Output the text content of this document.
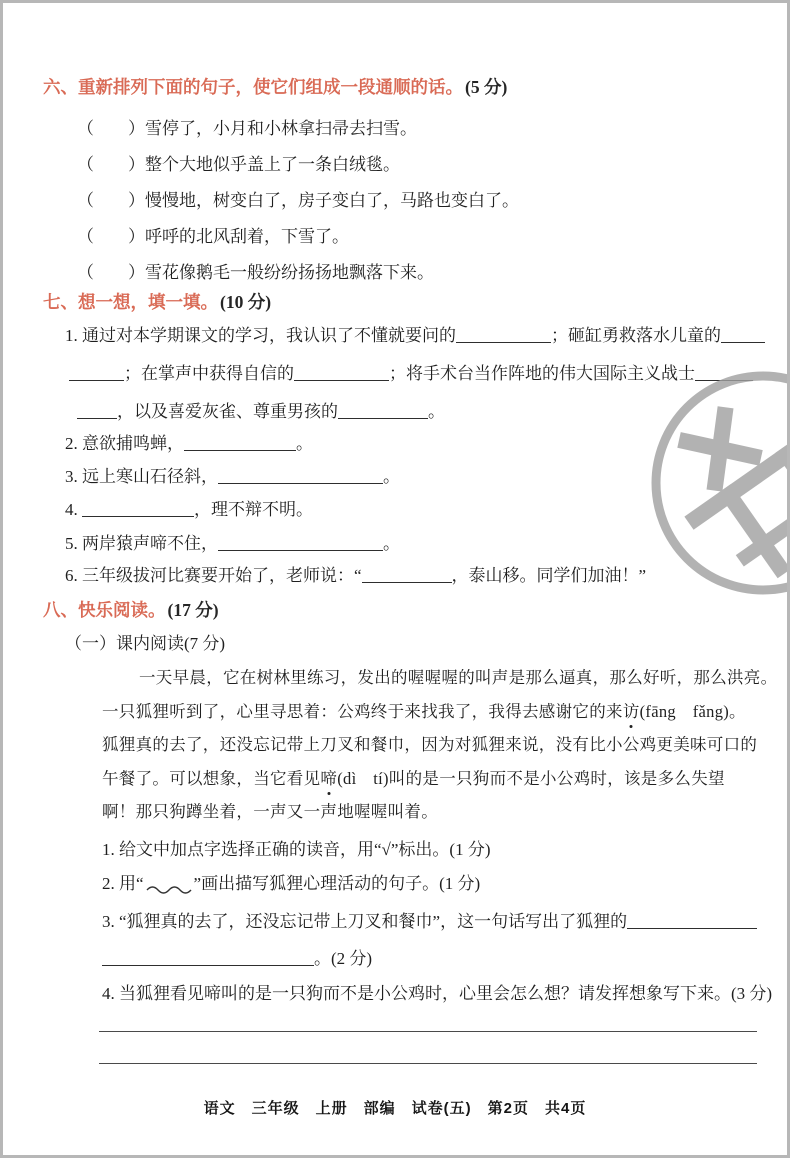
六、重新排列下面的句子，使它们组成一段通顺的话。 (5 分)
（　　）雪停了，小月和小林拿扫帚去扫雪。
（　　）整个大地似乎盖上了一条白绒毯。
（　　）慢慢地，树变白了，房子变白了，马路也变白了。
（　　）呼呼的北风刮着，下雪了。
（　　）雪花像鹅毛一般纷纷扬扬地飘落下来。
七、想一想，填一填。 (10 分)
1. 通过对本学期课文的学习，我认识了不懂就要问的	；砸缸勇救落水儿童的
；在掌声中获得自信的	；将手术台当作阵地的伟大国际主义战士
，以及喜爱灰雀、尊重男孩的	。
2. 意欲捕鸣蝉，	。
3. 远上寒山石径斜，	。
4.	，理不辩不明。
5. 两岸猿声啼不住，	。
6. 三年级拔河比赛要开始了，老师说：“	，泰山移。同学们加油！”
八、快乐阅读。 (17 分)
（一）课内阅读(7 分)
一天早晨，它在树林里练习，发出的喔喔喔的叫声是那么逼真，那么好听，那么洪亮。
一只狐狸听到了，心里寻思着：公鸡终于来找我了，我得去感谢它的来访(fāng　fǎng)。
狐狸真的去了，还没忘记带上刀叉和餐巾，因为对狐狸来说，没有比小公鸡更美味可口的
午餐了。可以想象，当它看见啼(dì　tí)叫的是一只狗而不是小公鸡时，该是多么失望
啊！那只狗蹲坐着，一声又一声地喔喔叫着。
1. 给文中加点字选择正确的读音，用“√”标出。(1 分)
2. 用“	”画出描写狐狸心理活动的句子。(1 分)
3. “狐狸真的去了，还没忘记带上刀叉和餐巾”，这一句话写出了狐狸的
。(2 分)
4. 当狐狸看见啼叫的是一只狗而不是小公鸡时，心里会怎么想？请发挥想象写下来。(3 分)
语文　三年级　上册　部编　试卷(五)　第2页　共4页
